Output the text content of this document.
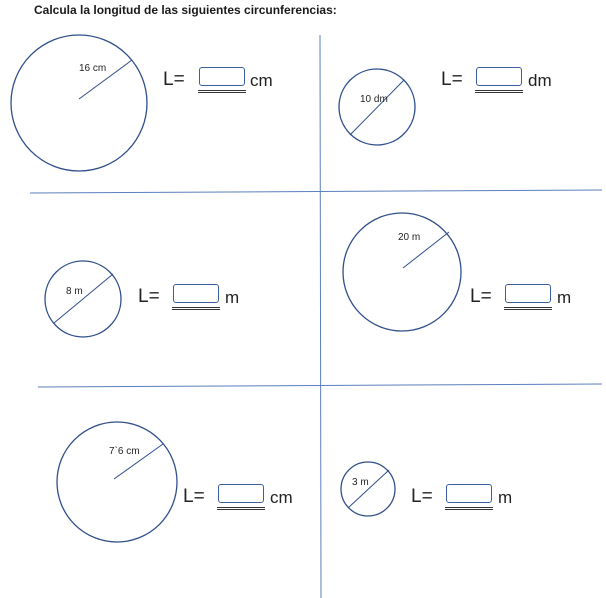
Calcula la longitud de las siguientes circunferencias:
16 cm
10 dm
8 m
20 m
7`6 cm
3 m
L=	cm	L=	dm
L=	m	L=	m
L=	cm	L=	m
